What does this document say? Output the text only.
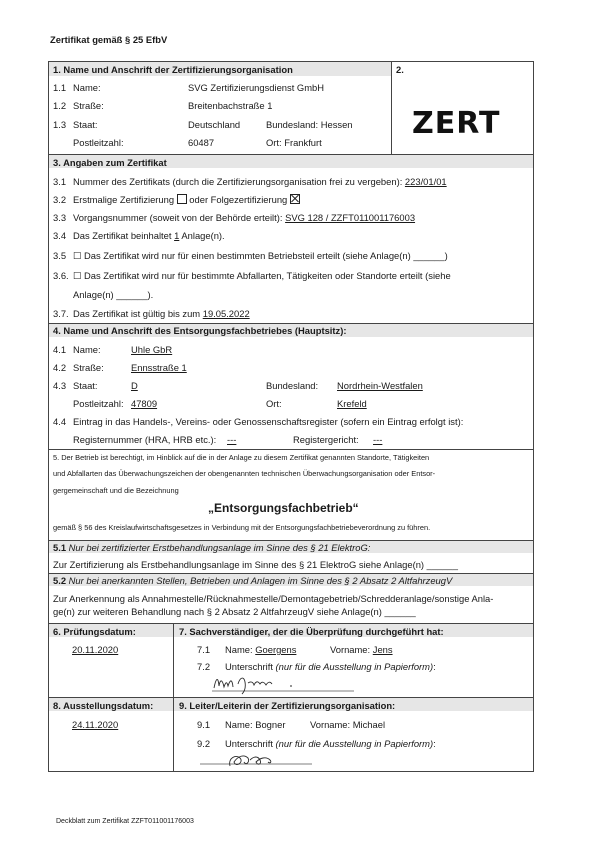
Zertifikat gemäß § 25 EfbV
1. Name und Anschrift der Zertifizierungsorganisation	2.
ZERT
1.1 Name:	SVG Zertifizierungsdienst GmbH
1.2 Straße:	Breitenbachstraße 1
1.3 Staat:	Deutschland	Bundesland: Hessen
Postleitzahl:	60487	Ort: Frankfurt
3. Angaben zum Zertifikat
3.1 Nummer des Zertifikats (durch die Zertifizierungsorganisation frei zu vergeben): 223/01/01
3.2 Erstmalige Zertifizierung oder Folgezertifizierung
3.3 Vorgangsnummer (soweit von der Behörde erteilt): SVG 128 / ZZFT011001176003
3.4 Das Zertifikat beinhaltet 1 Anlage(n).
3.5 ☐ Das Zertifikat wird nur für einen bestimmten Betriebsteil erteilt (siehe Anlage(n) ______)
3.6. ☐ Das Zertifikat wird nur für bestimmte Abfallarten, Tätigkeiten oder Standorte erteilt (siehe
Anlage(n) ______).
3.7. Das Zertifikat ist gültig bis zum 19.05.2022
4. Name und Anschrift des Entsorgungsfachbetriebes (Hauptsitz):
4.1 Name:	Uhle GbR
4.2 Straße:	Ennsstraße 1
4.3 Staat:	D	Bundesland: Nordrhein-Westfalen
Postleitzahl: 47809	Ort:	Krefeld
4.4 Eintrag in das Handels-, Vereins- oder Genossenschaftsregister (sofern ein Eintrag erfolgt ist):
Registernummer (HRA, HRB etc.): ---	Registergericht: ---
5. Der Betrieb ist berechtigt, im Hinblick auf die in der Anlage zu diesem Zertifikat genannten Standorte, Tätigkeiten
und Abfallarten das Überwachungszeichen der obengenannten technischen Überwachungsorganisation oder Entsor-
gergemeinschaft und die Bezeichnung
„Entsorgungsfachbetrieb“
gemäß § 56 des Kreislaufwirtschaftsgesetzes in Verbindung mit der Entsorgungsfachbetriebeverordnung zu führen.
5.1 Nur bei zertifizierter Erstbehandlungsanlage im Sinne des § 21 ElektroG:
Zur Zertifizierung als Erstbehandlungsanlage im Sinne des § 21 ElektroG siehe Anlage(n) ______
5.2 Nur bei anerkannten Stellen, Betrieben und Anlagen im Sinne des § 2 Absatz 2 AltfahrzeugV
Zur Anerkennung als Annahmestelle/Rücknahmestelle/Demontagebetrieb/Schredderanlage/sonstige Anla-
ge(n) zur weiteren Behandlung nach § 2 Absatz 2 AltfahrzeugV siehe Anlage(n) ______
6. Prüfungsdatum:
20.11.2020
7. Sachverständiger, der die Überprüfung durchgeführt hat:
7.1 Name: Goergens	Vorname: Jens
7.2 Unterschrift (nur für die Ausstellung in Papierform):
8. Ausstellungsdatum:
24.11.2020
9. Leiter/Leiterin der Zertifizierungsorganisation:
9.1 Name: Bogner	Vorname: Michael
9.2 Unterschrift (nur für die Ausstellung in Papierform):
Deckblatt zum Zertifikat ZZFT011001176003
